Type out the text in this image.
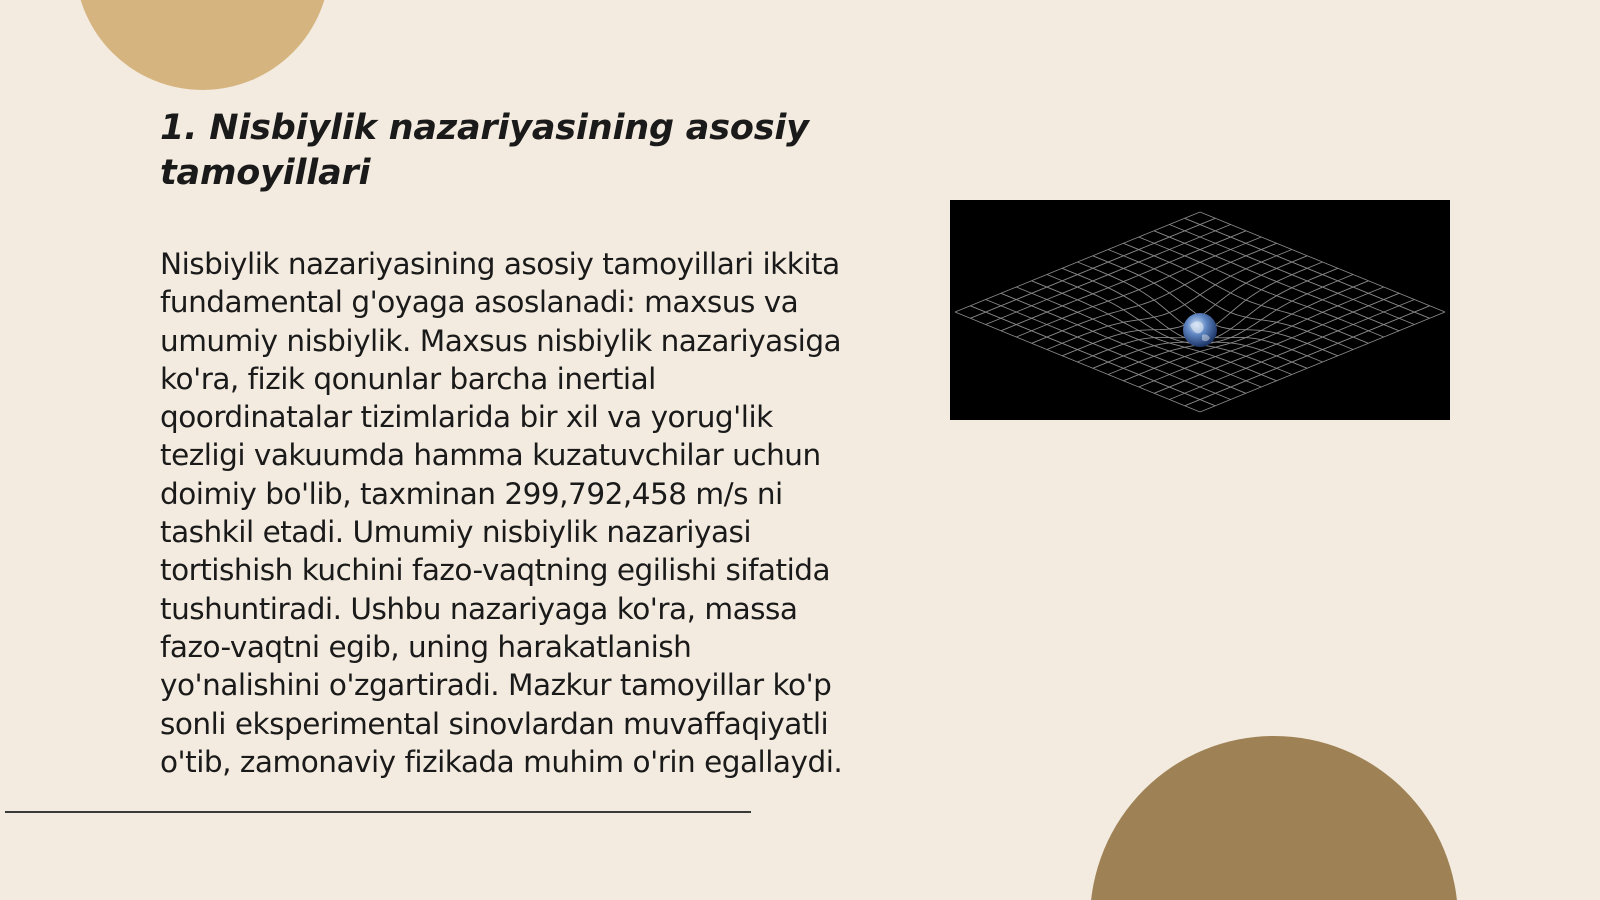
1. Nisbiylik nazariyasining asosiy tamoyillari

Nisbiylik nazariyasining asosiy tamoyillari ikkita fundamental g'oyaga asoslanadi: maxsus va umumiy nisbiylik. Maxsus nisbiylik nazariyasiga ko'ra, fizik qonunlar barcha inertial qoordinatalar tizimlarida bir xil va yorug'lik tezligi vakuumda hamma kuzatuvchilar uchun doimiy bo'lib, taxminan 299,792,458 m/s ni tashkil etadi. Umumiy nisbiylik nazariyasi tortishish kuchini fazo-vaqtning egilishi sifatida tushuntiradi. Ushbu nazariyaga ko'ra, massa fazo-vaqtni egib, uning harakatlanish yo'nalishini o'zgartiradi. Mazkur tamoyillar ko'p sonli eksperimental sinovlardan muvaffaqiyatli o'tib, zamonaviy fizikada muhim o'rin egallaydi.
